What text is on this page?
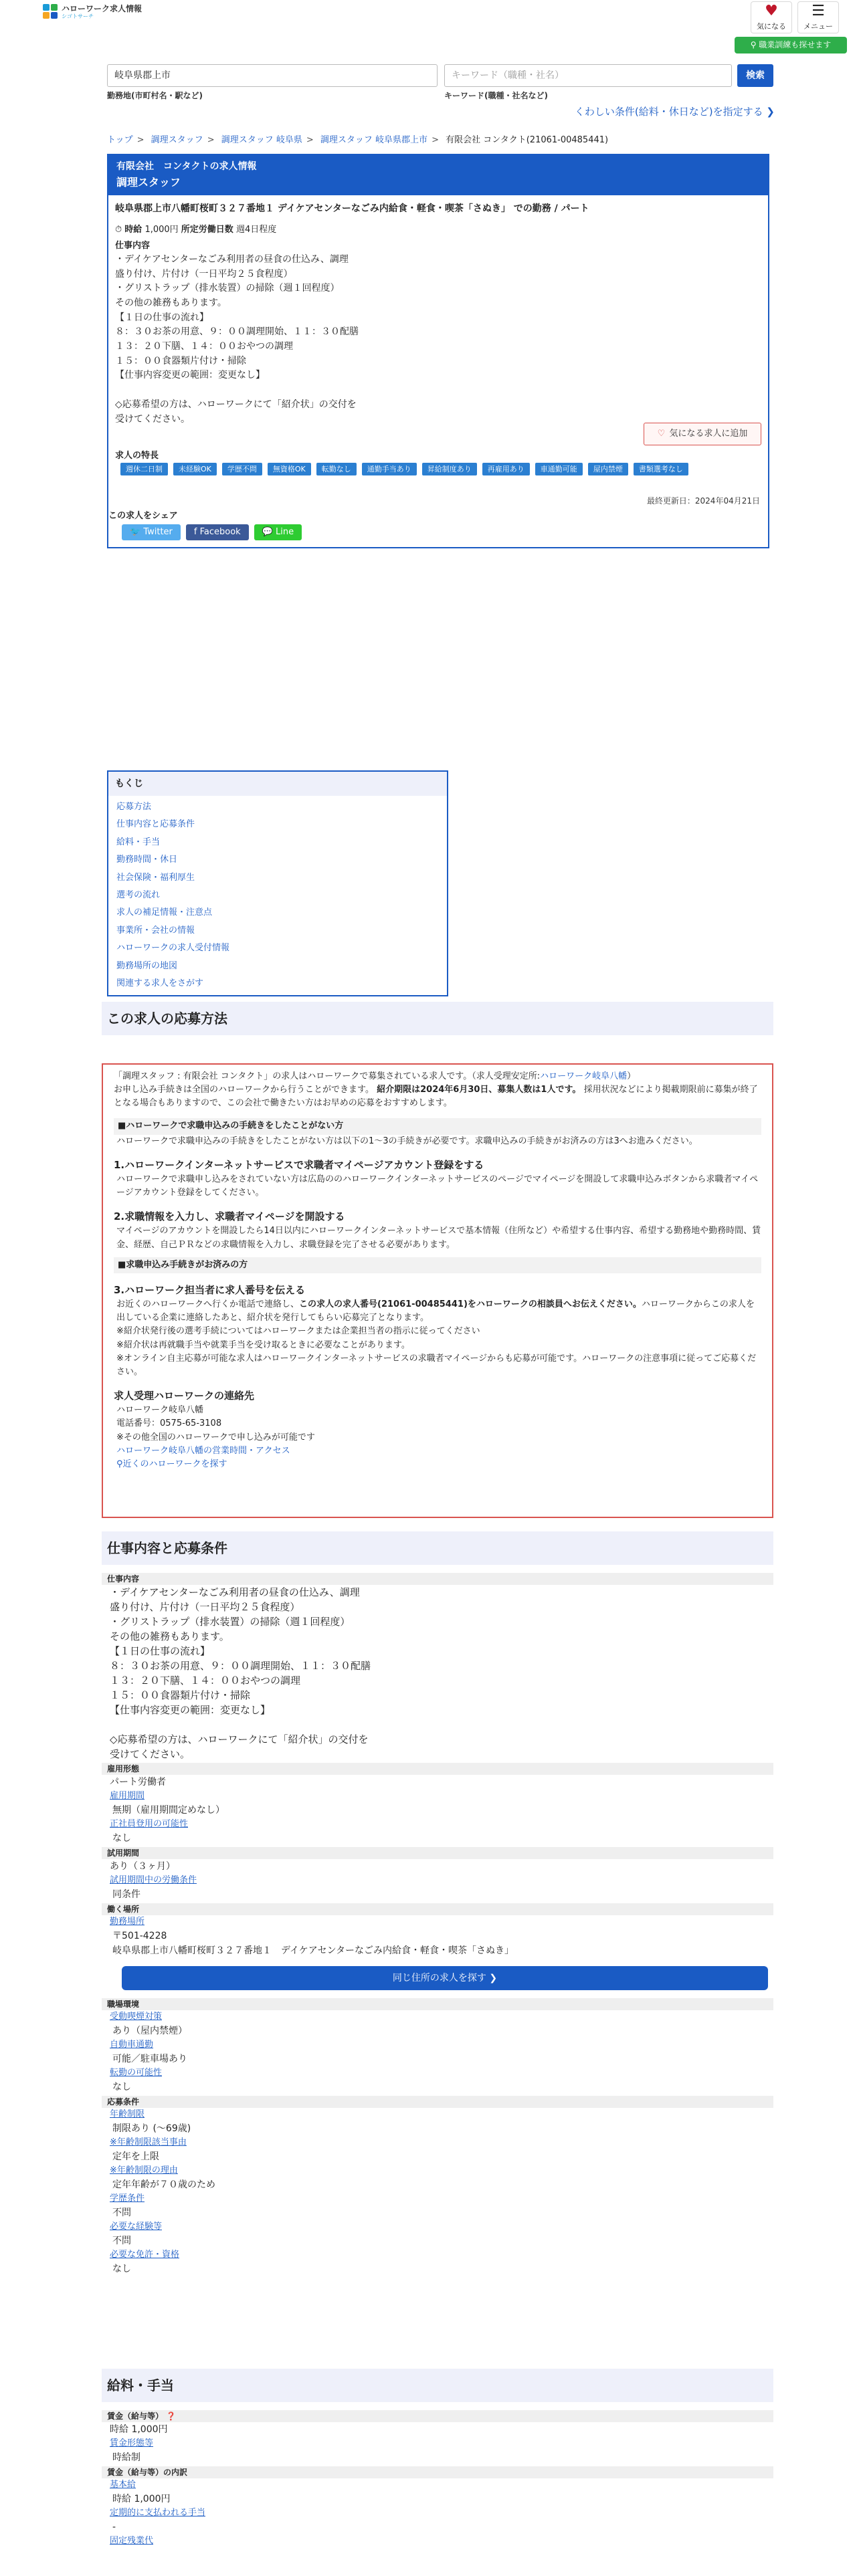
ハローワーク求人情報
シゴトサーチ	♥
気になる
☰
メニュー
⚲ 職業訓練も探せます
岐阜県郡上市
勤務地(市町村名・駅など)
キーワード（職種・社名）
キーワード(職種・社名など)
検索
くわしい条件(給料・休日など)を指定する ❯
トップ > 調理スタッフ > 調理スタッフ 岐阜県 > 調理スタッフ 岐阜県郡上市 > 有限会社 コンタクト(21061-00485441)
有限会社　コンタクトの求人情報
調理スタッフ
岐阜県郡上市八幡町桜町３２７番地１ デイケアセンターなごみ内給食・軽食・喫茶「さぬき」 での勤務 / パート
⏱ 時給 1,000円 所定労働日数 週4日程度
仕事内容
・デイケアセンターなごみ利用者の昼食の仕込み、調理
盛り付け、片付け（一日平均２５食程度）
・グリストラップ（排水装置）の掃除（週１回程度）
その他の雑務もあります。
【１日の仕事の流れ】
８：３０お茶の用意、９：００調理開始、１１：３０配膳
１３：２０下膳、１４：００おやつの調理
１５：００食器類片付け・掃除
【仕事内容変更の範囲：変更なし】

◇応募希望の方は、ハローワークにて「紹介状」の交付を
受けてください。
♡ 気になる求人に追加
求人の特長
週休二日制	未経験OK	学歴不問	無資格OK	転勤なし	通勤手当あり	昇給制度あり	再雇用あり	車通勤可能	屋内禁煙	書類選考なし
最終更新日：2024年04月21日
この求人をシェア
🐦 Twitter	f Facebook	💬 Line
もくじ
応募方法
仕事内容と応募条件
給料・手当
勤務時間・休日
社会保険・福利厚生
選考の流れ
求人の補足情報・注意点
事業所・会社の情報
ハローワークの求人受付情報
勤務場所の地図
関連する求人をさがす
この求人の応募方法
「調理スタッフ : 有限会社 コンタクト」の求人はハローワークで募集されている求人です。（求人受理安定所:ハローワーク岐阜八幡）
お申し込み手続きは全国のハローワークから行うことができます。 紹介期限は2024年6月30日、募集人数は1人です。 採用状況などにより掲載期限前に募集が終了となる場合もありますので、この会社で働きたい方はお早めの応募をおすすめします。
■ハローワークで求職申込みの手続きをしたことがない方
ハローワークで求職申込みの手続きをしたことがない方は以下の1〜3の手続きが必要です。求職申込みの手続きがお済みの方は3へお進みください。
1.ハローワークインターネットサービスで求職者マイページアカウント登録をする
ハローワークで求職申し込みをされていない方は広島ののハローワークインターネットサービスのページでマイページを開設して求職申込みボタンから求職者マイページアカウント登録をしてください。
2.求職情報を入力し、求職者マイページを開設する
マイページのアカウントを開設したら14日以内にハローワークインターネットサービスで基本情報（住所など）や希望する仕事内容、希望する勤務地や勤務時間、賃金、経歴、自己ＰＲなどの求職情報を入力し、求職登録を完了させる必要があります。
■求職申込み手続きがお済みの方
3.ハローワーク担当者に求人番号を伝える
お近くのハローワークへ行くか電話で連絡し、この求人の求人番号(21061-00485441)をハローワークの相談員へお伝えください。ハローワークからこの求人を出している企業に連絡したあと、紹介状を発行してもらい応募完了となります。
※紹介状発行後の選考手続についてはハローワークまたは企業担当者の指示に従ってください
※紹介状は再就職手当や就業手当を受け取るときに必要なことがあります。
※オンライン自主応募が可能な求人はハローワークインターネットサービスの求職者マイページからも応募が可能です。ハローワークの注意事項に従ってご応募ください。
求人受理ハローワークの連絡先
ハローワーク岐阜八幡
電話番号：0575-65-3108
※その他全国のハローワークで申し込みが可能です
ハローワーク岐阜八幡の営業時間・アクセス
⚲近くのハローワークを探す
仕事内容と応募条件
仕事内容
・デイケアセンターなごみ利用者の昼食の仕込み、調理
盛り付け、片付け（一日平均２５食程度）
・グリストラップ（排水装置）の掃除（週１回程度）
その他の雑務もあります。
【１日の仕事の流れ】
８：３０お茶の用意、９：００調理開始、１１：３０配膳
１３：２０下膳、１４：００おやつの調理
１５：００食器類片付け・掃除
【仕事内容変更の範囲：変更なし】

◇応募希望の方は、ハローワークにて「紹介状」の交付を
受けてください。
雇用形態
パート労働者
雇用期間
無期（雇用期間定めなし）
正社員登用の可能性
なし
試用期間
あり（３ヶ月）
試用期間中の労働条件
同条件
働く場所
勤務場所
〒501-4228
岐阜県郡上市八幡町桜町３２７番地１　デイケアセンターなごみ内給食・軽食・喫茶「さぬき」
同じ住所の求人を探す ❯
職場環境
受動喫煙対策
あり（屋内禁煙）
自動車通勤
可能／駐車場あり
転勤の可能性
なし
応募条件
年齢制限
制限あり (～69歳)
※年齢制限該当事由
定年を上限
※年齢制限の理由
定年年齢が７０歳のため
学歴条件
不問
必要な経験等
不問
必要な免許・資格
なし
給料・手当
賃金（給与等） ❓
時給 1,000円
賃金形態等
時給制
賃金（給与等）の内訳
基本給
時給 1,000円
定期的に支払われる手当
-
固定残業代
